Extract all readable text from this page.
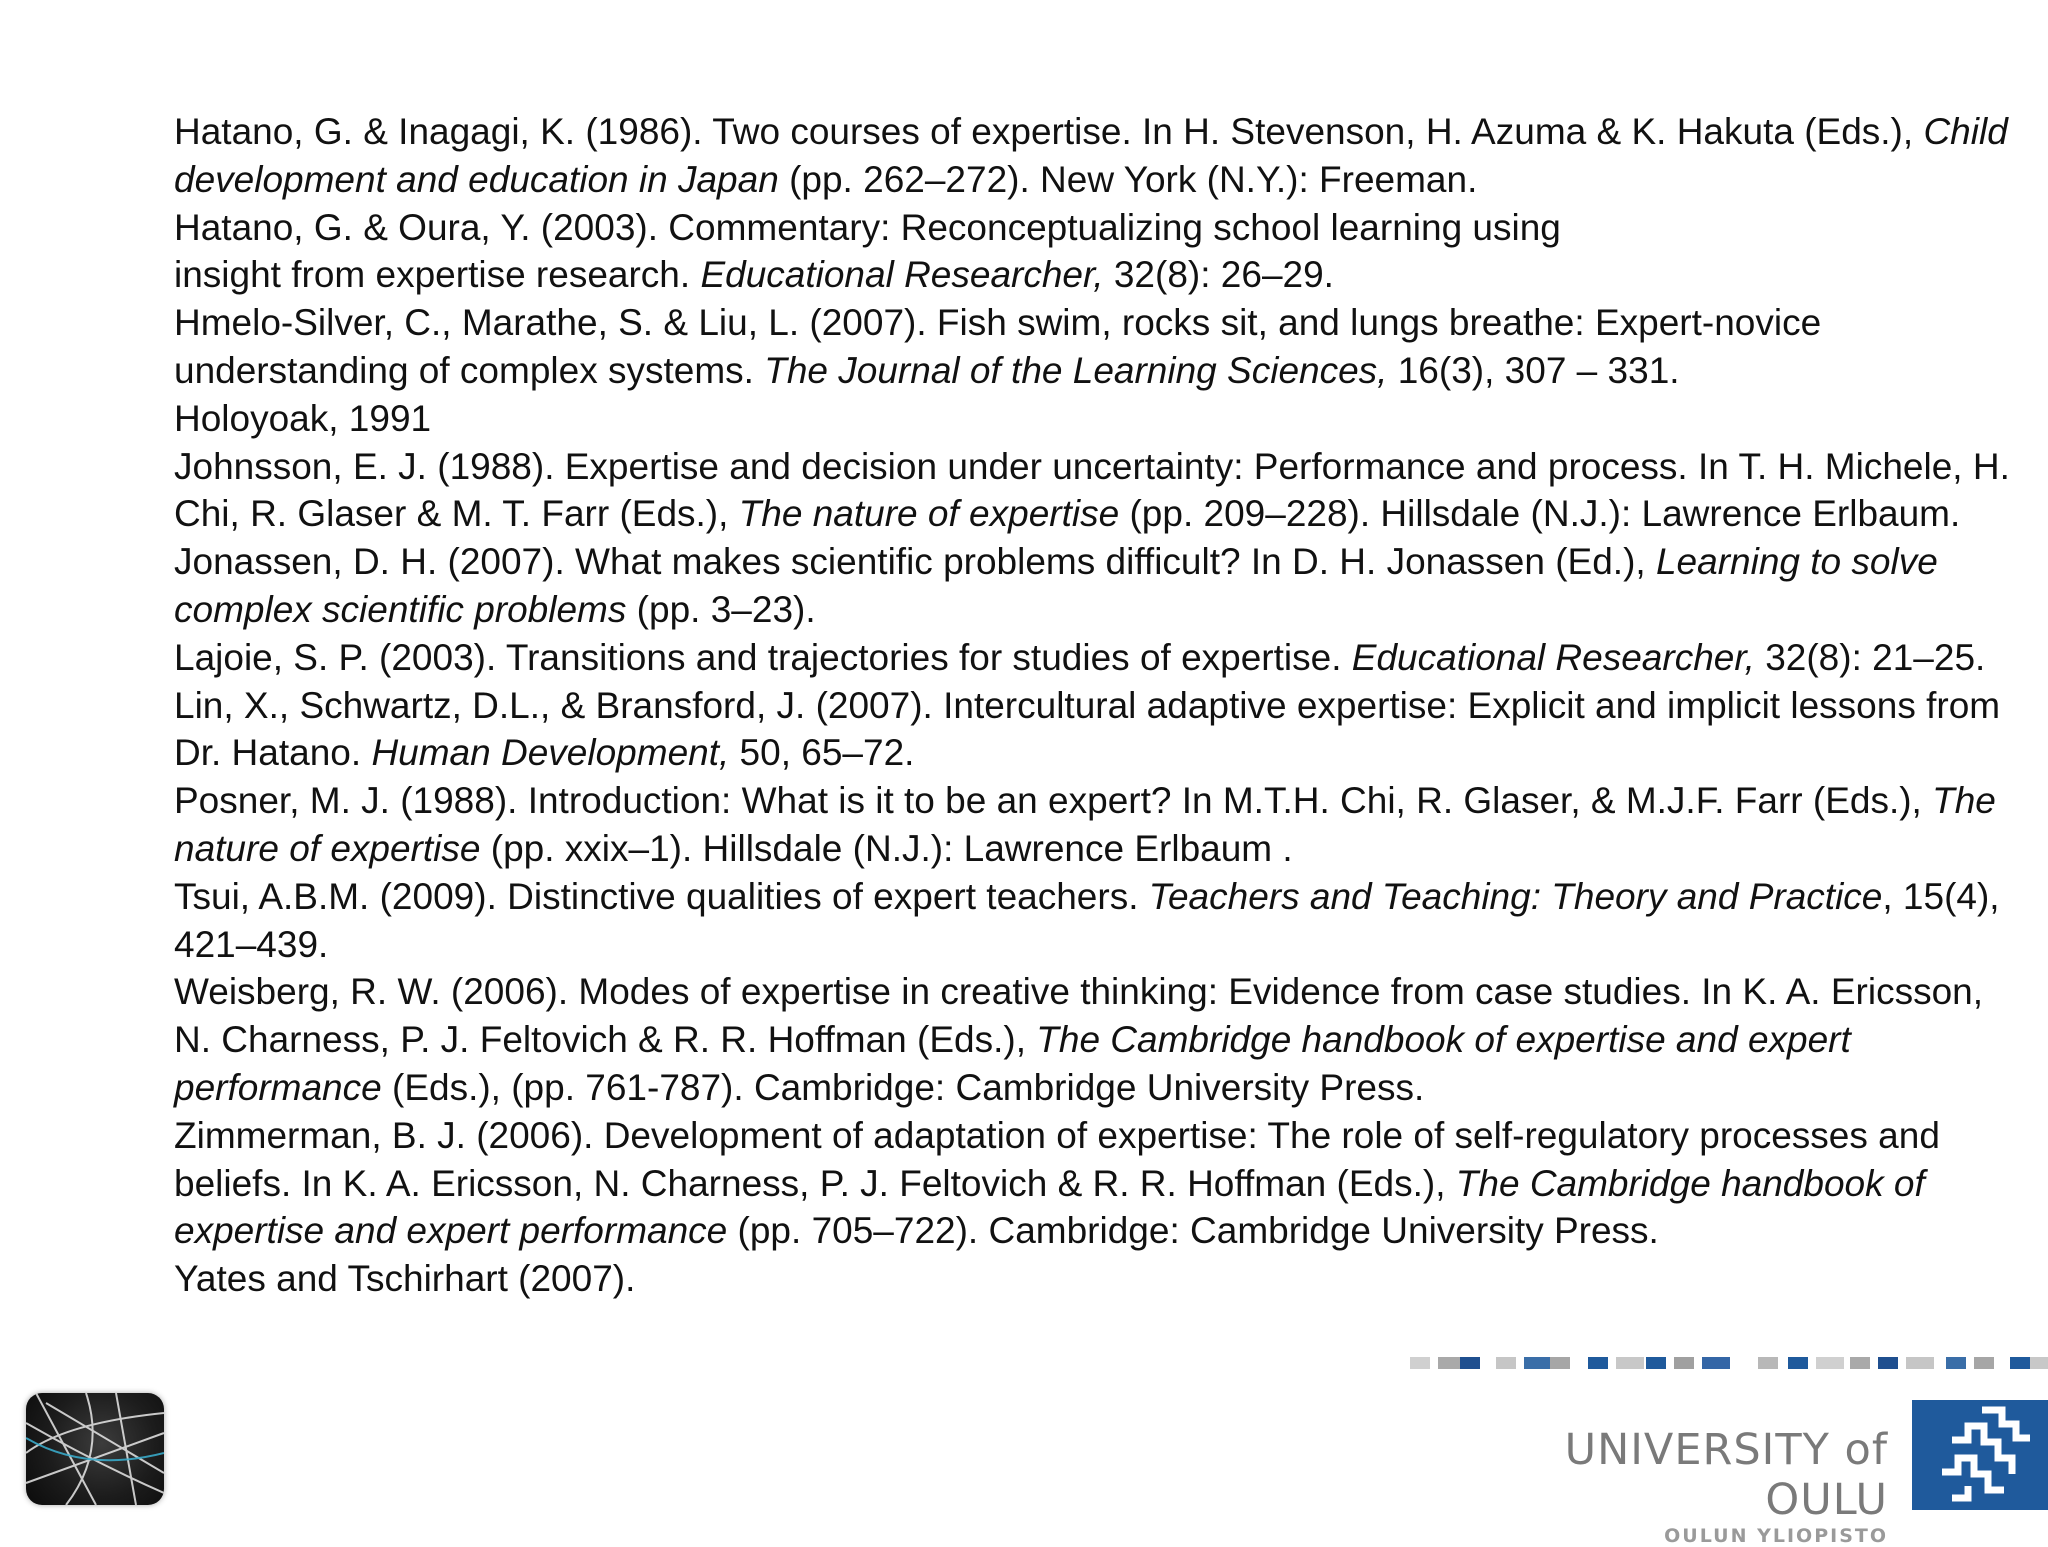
Hatano, G. & Inagagi, K. (1986). Two courses of expertise. In H. Stevenson, H. Azuma & K. Hakuta (Eds.), Child development and education in Japan (pp. 262–272). New York (N.Y.): Freeman.

Hatano, G. & Oura, Y. (2003). Commentary: Reconceptualizing school learning using
insight from expertise research. Educational Researcher, 32(8): 26–29.

Hmelo-Silver, C., Marathe, S. & Liu, L. (2007). Fish swim, rocks sit, and lungs breathe: Expert-novice understanding of complex systems. The Journal of the Learning Sciences, 16(3), 307 – 331.

Holoyoak, 1991

Johnsson, E. J. (1988). Expertise and decision under uncertainty: Performance and process. In T. H. Michele, H. Chi, R. Glaser & M. T. Farr (Eds.), The nature of expertise (pp. 209–228). Hillsdale (N.J.): Lawrence Erlbaum.

Jonassen, D. H. (2007). What makes scientific problems difficult? In D. H. Jonassen (Ed.), Learning to solve complex scientific problems (pp. 3–23).

Lajoie, S. P. (2003). Transitions and trajectories for studies of expertise. Educational Researcher, 32(8): 21–25.

Lin, X., Schwartz, D.L., & Bransford, J. (2007). Intercultural adaptive expertise: Explicit and implicit lessons from Dr. Hatano. Human Development, 50, 65–72.

Posner, M. J. (1988). Introduction: What is it to be an expert? In M.T.H. Chi, R. Glaser, & M.J.F. Farr (Eds.), The nature of expertise (pp. xxix–1). Hillsdale (N.J.): Lawrence Erlbaum .

Tsui, A.B.M. (2009). Distinctive qualities of expert teachers. Teachers and Teaching: Theory and Practice, 15(4), 421–439.

Weisberg, R. W. (2006). Modes of expertise in creative thinking: Evidence from case studies. In K. A. Ericsson, N. Charness, P. J. Feltovich & R. R. Hoffman (Eds.), The Cambridge handbook of expertise and expert performance (Eds.), (pp. 761-787). Cambridge: Cambridge University Press.

Zimmerman, B. J. (2006). Development of adaptation of expertise: The role of self-regulatory processes and beliefs. In K. A. Ericsson, N. Charness, P. J. Feltovich & R. R. Hoffman (Eds.), The Cambridge handbook of expertise and expert performance (pp. 705–722). Cambridge: Cambridge University Press.

Yates and Tschirhart (2007).

UNIVERSITY of OULU
OULUN YLIOPISTO
